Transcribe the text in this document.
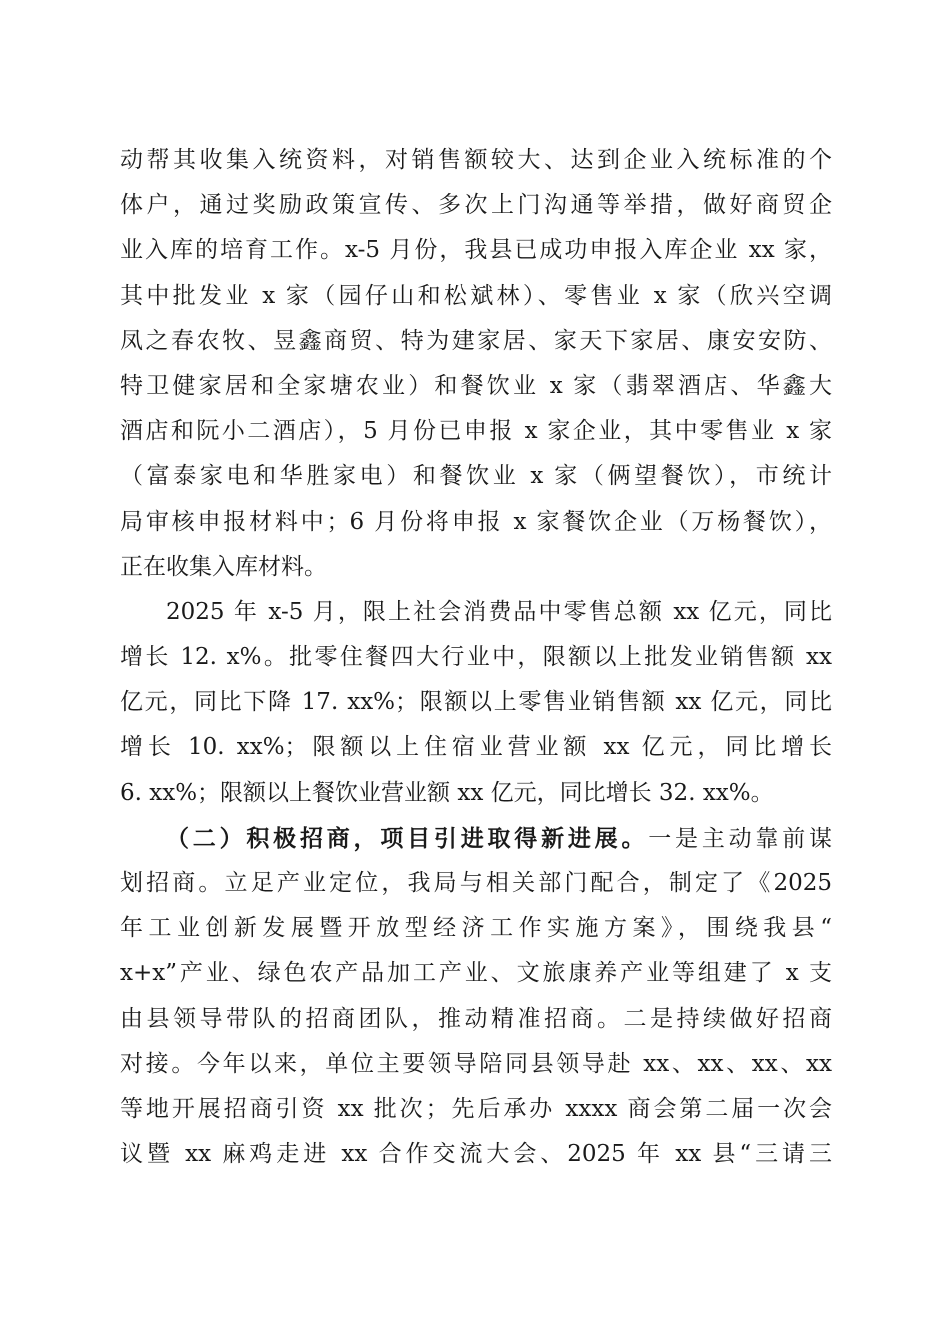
动帮其收集入统资料，对销售额较大、达到企业入统标准的个
体户，通过奖励政策宣传、多次上门沟通等举措，做好商贸企
业入库的培育工作。x-5 月份，我县已成功申报入库企业 xx 家，
其中批发业 x 家（园仔山和松斌林）、零售业 x 家（欣兴空调
凤之春农牧、昱鑫商贸、特为建家居、家天下家居、康安安防、
特卫健家居和全家塘农业）和餐饮业 x 家（翡翠酒店、华鑫大
酒店和阮小二酒店），5 月份已申报 x 家企业，其中零售业 x 家
（富泰家电和华胜家电）和餐饮业 x 家（俩望餐饮），市统计
局审核申报材料中；6 月份将申报 x 家餐饮企业（万杨餐饮），
正在收集入库材料。
2025 年 x-5 月，限上社会消费品中零售总额 xx 亿元，同比
增长 12. x%。批零住餐四大行业中，限额以上批发业销售额 xx
亿元，同比下降 17. xx%；限额以上零售业销售额 xx 亿元，同比
增长 10. xx%；限额以上住宿业营业额 xx 亿元，同比增长
6. xx%；限额以上餐饮业营业额 xx 亿元，同比增长 32. xx%。
（二）积极招商，项目引进取得新进展。一是主动靠前谋
划招商。立足产业定位，我局与相关部门配合，制定了《2025
年工业创新发展暨开放型经济工作实施方案》，围绕我县“
x+x”产业、绿色农产品加工产业、文旅康养产业等组建了 x 支
由县领导带队的招商团队，推动精准招商。二是持续做好招商
对接。今年以来，单位主要领导陪同县领导赴 xx、xx、xx、xx
等地开展招商引资 xx 批次；先后承办 xxxx 商会第二届一次会
议暨 xx 麻鸡走进 xx 合作交流大会、2025 年 xx 县“三请三
